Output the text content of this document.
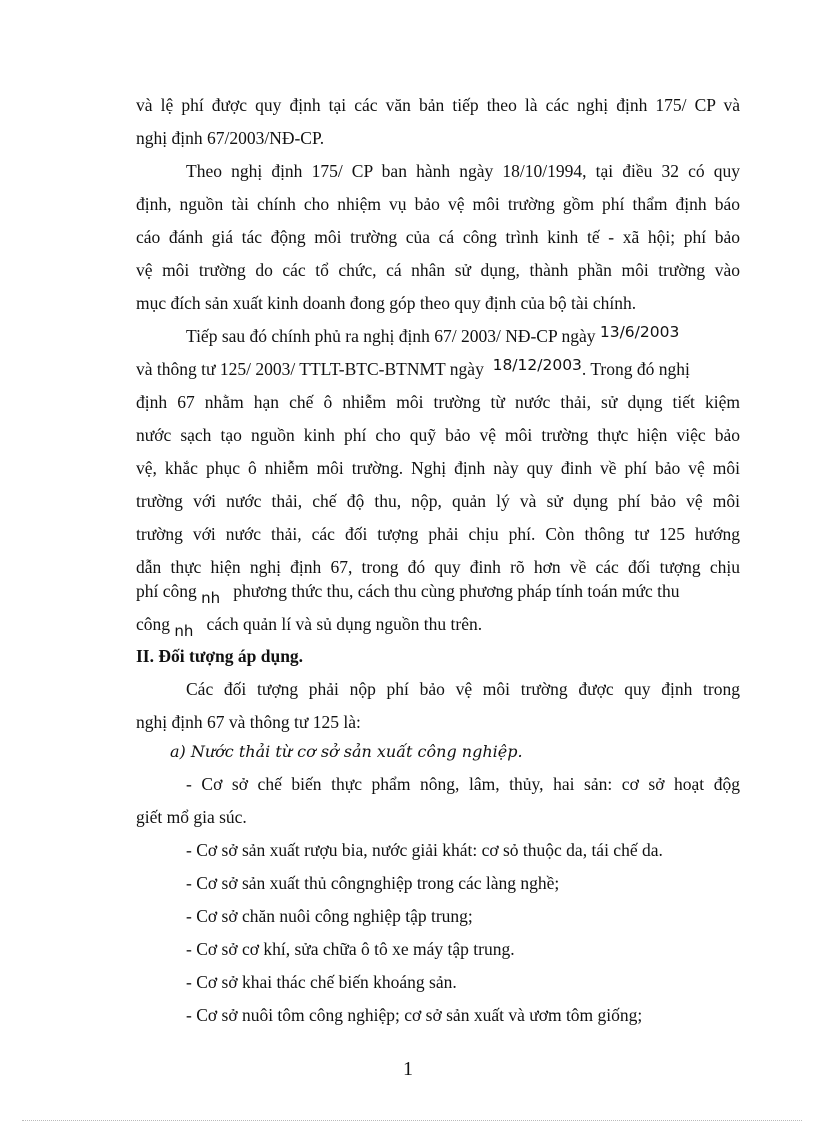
và lệ phí được quy định tại các văn bản tiếp theo là các nghị định 175/ CP và
nghị định 67/2003/NĐ-CP.
Theo nghị định 175/ CP ban hành ngày 18/10/1994, tại điều 32 có quy
định, nguồn tài chính cho nhiệm vụ bảo vệ môi trường gồm phí thẩm định báo
cáo đánh giá tác động môi trường của cá công trình kinh tế - xã hội; phí bảo
vệ môi trường do các tổ chức, cá nhân sử dụng, thành phần môi trường vào
mục đích sản xuất kinh doanh đong góp theo quy định của bộ tài chính.
Tiếp sau đó chính phủ ra nghị định 67/ 2003/ NĐ-CP ngày 13/6/2003
và thông tư 125/ 2003/ TTLT-BTC-BTNMT ngày 18/12/2003. Trong đó nghị
định 67 nhằm hạn chế ô nhiễm môi trường từ nước thải, sử dụng tiết kiệm
nước sạch tạo nguồn kinh phí cho quỹ bảo vệ môi trường thực hiện việc bảo
vệ, khắc phục ô nhiễm môi trường. Nghị định này quy đinh về phí bảo vệ môi
trường với nước thải, chế độ thu, nộp, quản lý và sử dụng phí bảo vệ môi
trường với nước thải, các đối tượng phải chịu phí. Còn thông tư 125 hướng
dẫn thực hiện nghị định 67, trong đó quy đinh rõ hơn về các đối tượng chịu
phí công nh phương thức thu, cách thu cùng phương pháp tính toán mức thu
công nh cách quản lí và sủ dụng nguồn thu trên.
II. Đối tượng áp dụng.
Các đối tượng phải nộp phí bảo vệ môi trường được quy định trong
nghị định 67 và thông tư 125 là:
a) Nước thải từ cơ sở sản xuất công nghiệp.
- Cơ sở chế biến thực phẩm nông, lâm, thủy, hai sản: cơ sở hoạt độg
giết mổ gia súc.
- Cơ sở sản xuất rượu bia, nước giải khát: cơ sỏ thuộc da, tái chế da.
- Cơ sở sản xuất thủ côngnghiệp trong các làng nghề;
- Cơ sở chăn nuôi công nghiệp tập trung;
- Cơ sở cơ khí, sửa chữa ô tô xe máy tập trung.
- Cơ sở khai thác chế biến khoáng sản.
- Cơ sở nuôi tôm công nghiệp; cơ sở sản xuất và ươm tôm giống;
1
